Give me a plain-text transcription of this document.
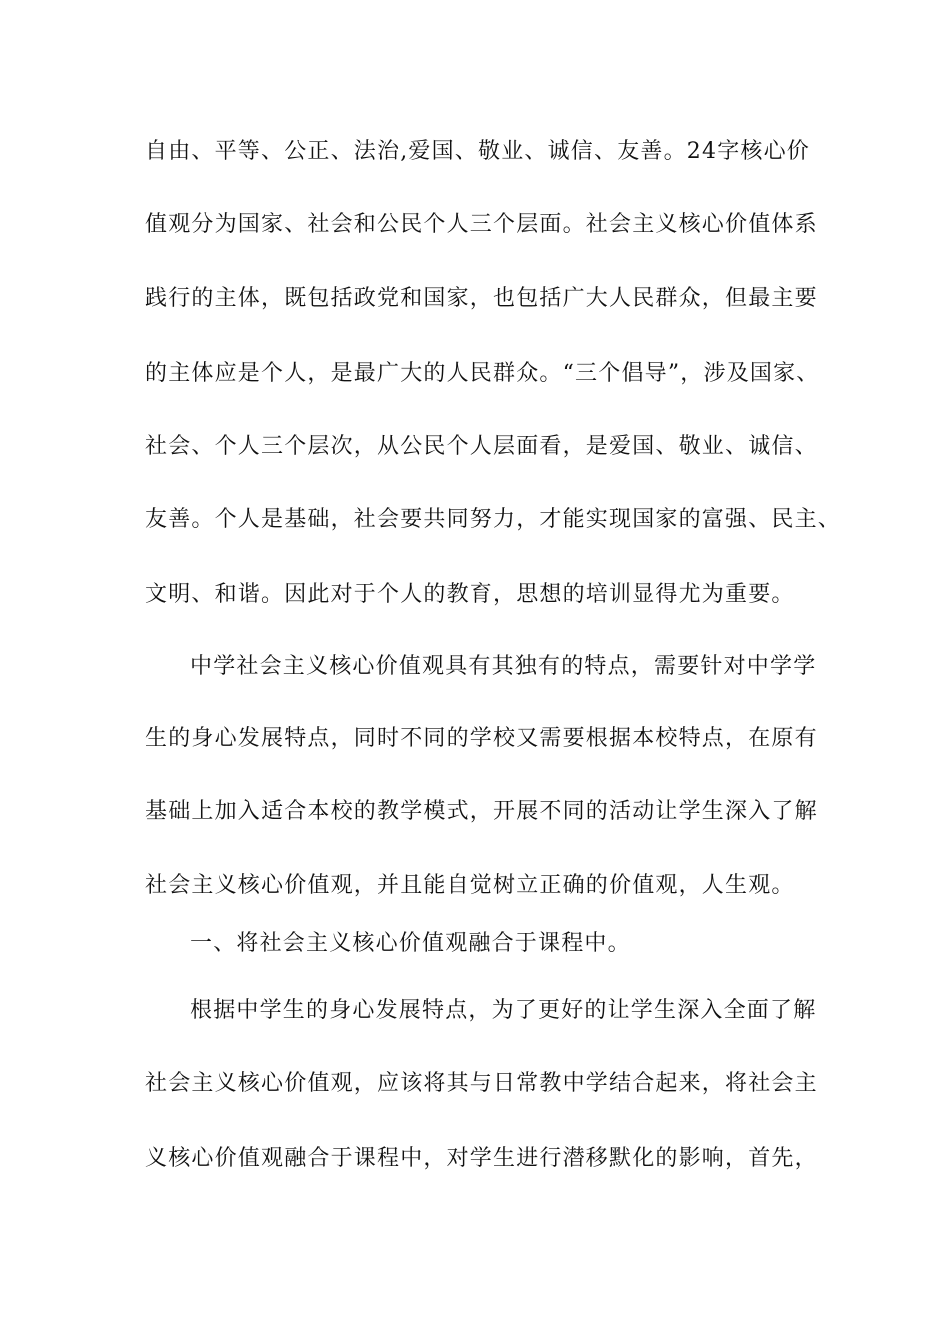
自由、平等、公正、法治,爱国、敬业、诚信、友善。24字核心价
值观分为国家、社会和公民个人三个层面。社会主义核心价值体系
践行的主体，既包括政党和国家，也包括广大人民群众，但最主要
的主体应是个人，是最广大的人民群众。“三个倡导”，涉及国家、
社会、个人三个层次，从公民个人层面看，是爱国、敬业、诚信、
友善。个人是基础，社会要共同努力，才能实现国家的富强、民主、
文明、和谐。因此对于个人的教育，思想的培训显得尤为重要。
中学社会主义核心价值观具有其独有的特点，需要针对中学学
生的身心发展特点，同时不同的学校又需要根据本校特点，在原有
基础上加入适合本校的教学模式，开展不同的活动让学生深入了解
社会主义核心价值观，并且能自觉树立正确的价值观，人生观。
一、将社会主义核心价值观融合于课程中。
根据中学生的身心发展特点，为了更好的让学生深入全面了解
社会主义核心价值观，应该将其与日常教中学结合起来，将社会主
义核心价值观融合于课程中，对学生进行潜移默化的影响，首先，
